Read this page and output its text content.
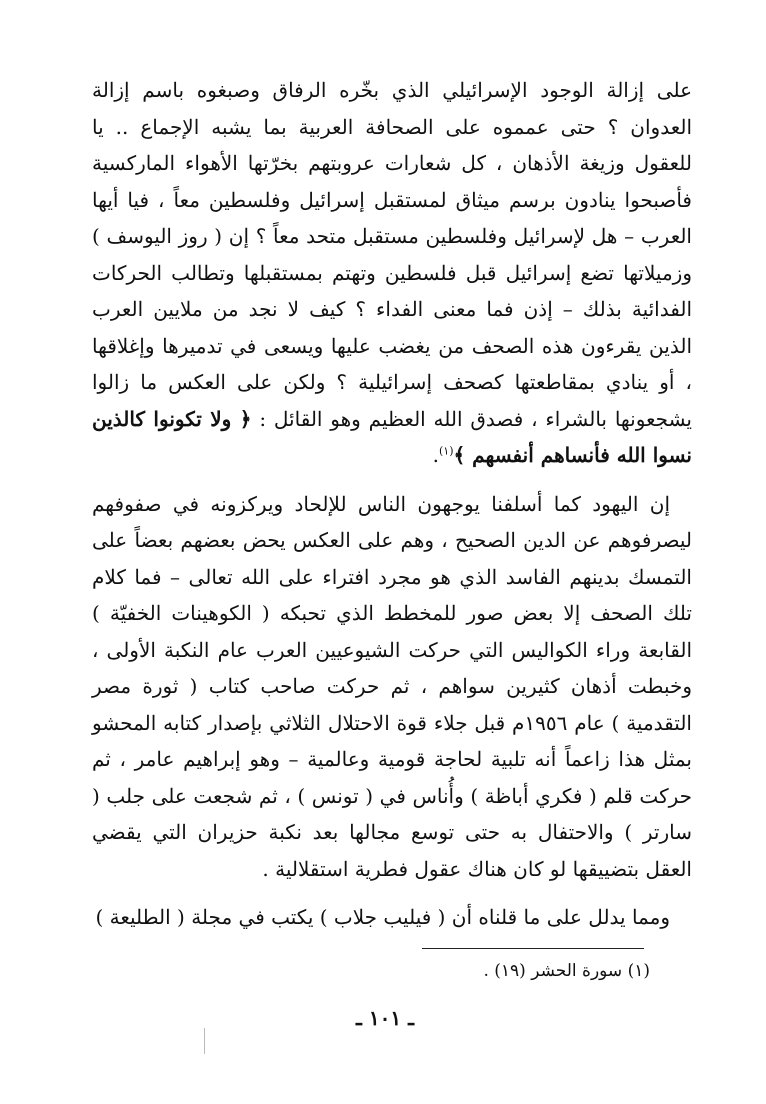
على إزالة الوجود الإسرائيلي الذي بخّره الرفاق وصبغوه باسم إزالة العدوان ؟ حتى عمموه على الصحافة العربية بما يشبه الإجماع .. يا للعقول وزيغة الأذهان ، كل شعارات عروبتهم بخرّتها الأهواء الماركسية فأصبحوا ينادون برسم ميثاق لمستقبل إسرائيل وفلسطين معاً ، فيا أيها العرب – هل لإسرائيل وفلسطين مستقبل متحد معاً ؟ إن ( روز اليوسف ) وزميلاتها تضع إسرائيل قبل فلسطين وتهتم بمستقبلها وتطالب الحركات الفدائية بذلك – إذن فما معنى الفداء ؟ كيف لا نجد من ملايين العرب الذين يقرءون هذه الصحف من يغضب عليها ويسعى في تدميرها وإغلاقها ، أو ينادي بمقاطعتها كصحف إسرائيلية ؟ ولكن على العكس ما زالوا يشجعونها بالشراء ، فصدق الله العظيم وهو القائل : ﴿ ولا تكونوا كالذين نسوا الله فأنساهم أنفسهم ﴾$^{(١)}$.

إن اليهود كما أسلفنا يوجهون الناس للإلحاد ويركزونه في صفوفهم ليصرفوهم عن الدين الصحيح ، وهم على العكس يحض بعضهم بعضاً على التمسك بدينهم الفاسد الذي هو مجرد افتراء على الله تعالى – فما كلام تلك الصحف إلا بعض صور للمخطط الذي تحبكه ( الكوهينات الخفيّة ) القابعة وراء الكواليس التي حركت الشيوعيين العرب عام النكبة الأولى ، وخبطت أذهان كثيرين سواهم ، ثم حركت صاحب كتاب ( ثورة مصر التقدمية ) عام ١٩٥٦م قبل جلاء قوة الاحتلال الثلاثي بإصدار كتابه المحشو بمثل هذا زاعماً أنه تلبية لحاجة قومية وعالمية – وهو إبراهيم عامر ، ثم حركت قلم ( فكري أباظة ) وأُناس في ( تونس ) ، ثم شجعت على جلب ( سارتر ) والاحتفال به حتى توسع مجالها بعد نكبة حزيران التي يقضي العقل بتضييقها لو كان هناك عقول فطرية استقلالية .

ومما يدلل على ما قلناه أن ( فيليب جلاب ) يكتب في مجلة ( الطليعة )

(١) سورة الحشر (١٩) .
ـ ١٠١ ـ
